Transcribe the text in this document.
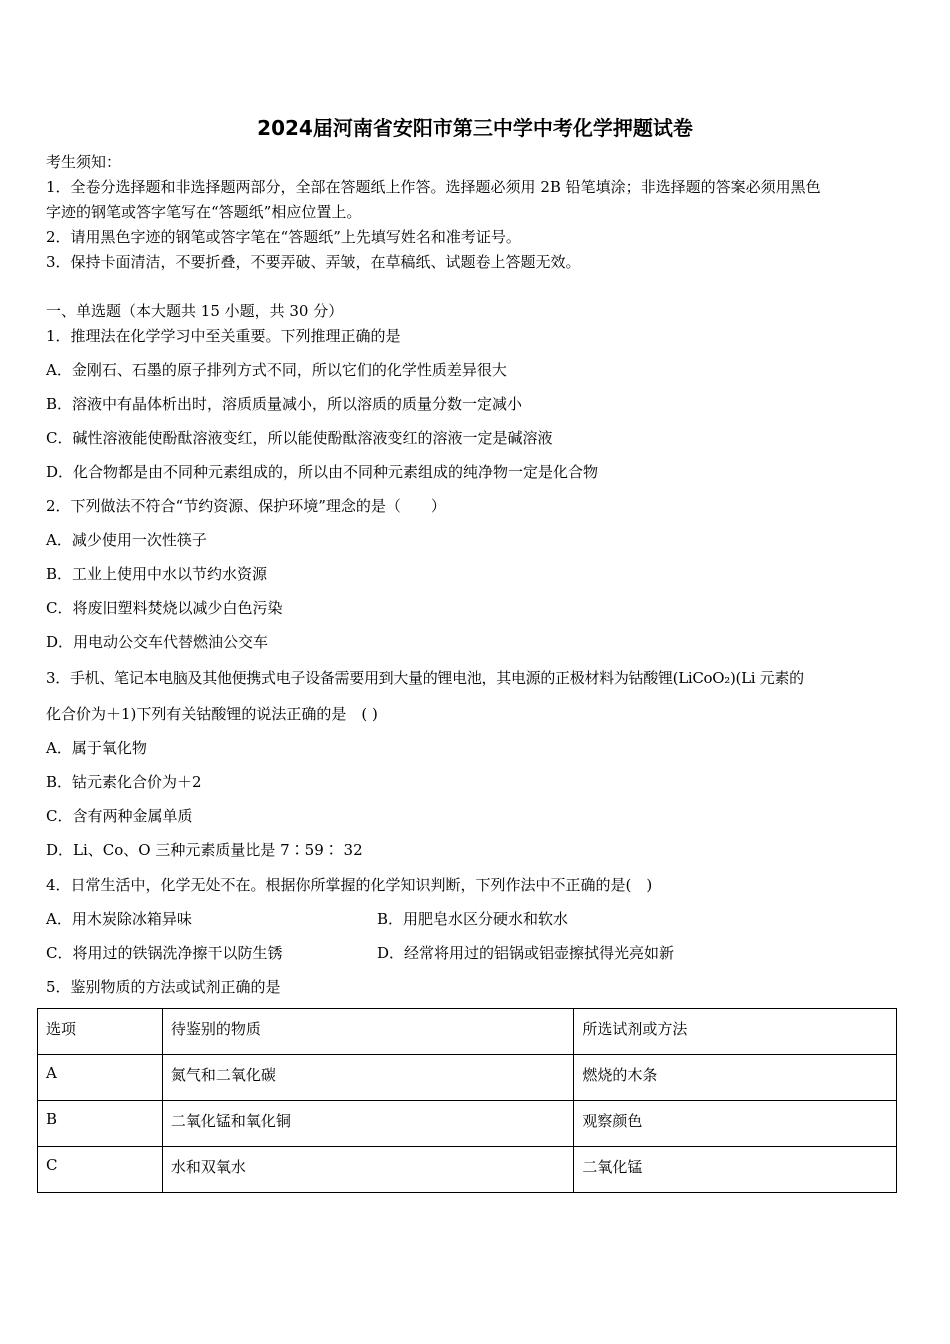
2024届河南省安阳市第三中学中考化学押题试卷
考生须知：
1．全卷分选择题和非选择题两部分，全部在答题纸上作答。选择题必须用 2B 铅笔填涂；非选择题的答案必须用黑色
字迹的钢笔或答字笔写在“答题纸”相应位置上。
2．请用黑色字迹的钢笔或答字笔在“答题纸”上先填写姓名和准考证号。
3．保持卡面清洁，不要折叠，不要弄破、弄皱，在草稿纸、试题卷上答题无效。
一、单选题（本大题共 15 小题，共 30 分）
1．推理法在化学学习中至关重要。下列推理正确的是
A．金刚石、石墨的原子排列方式不同，所以它们的化学性质差异很大
B．溶液中有晶体析出时，溶质质量减小，所以溶质的质量分数一定减小
C．碱性溶液能使酚酞溶液变红，所以能使酚酞溶液变红的溶液一定是碱溶液
D．化合物都是由不同种元素组成的，所以由不同种元素组成的纯净物一定是化合物
2．下列做法不符合“节约资源、保护环境”理念的是（　　）
A．减少使用一次性筷子
B．工业上使用中水以节约水资源
C．将废旧塑料焚烧以减少白色污染
D．用电动公交车代替燃油公交车
3．手机、笔记本电脑及其他便携式电子设备需要用到大量的锂电池，其电源的正极材料为钴酸锂(LiCoO₂)(Li 元素的
化合价为＋1)下列有关钴酸锂的说法正确的是　( )
A．属于氧化物
B．钴元素化合价为＋2
C．含有两种金属单质
D．Li、Co、O 三种元素质量比是 7∶59∶ 32
4．日常生活中，化学无处不在。根据你所掌握的化学知识判断，下列作法中不正确的是(　)
A．用木炭除冰箱异味	B．用肥皂水区分硬水和软水
C．将用过的铁锅洗净擦干以防生锈	D．经常将用过的铝锅或铝壶擦拭得光亮如新
5．鉴别物质的方法或试剂正确的是
选项	待鉴别的物质	所选试剂或方法
A	氮气和二氧化碳	燃烧的木条
B	二氧化锰和氧化铜	观察颜色
C	水和双氧水	二氧化锰
